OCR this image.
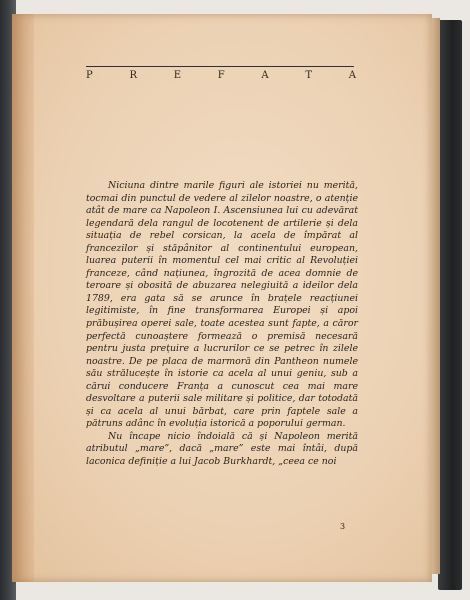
P	R	E	F	A	T	A

Niciuna dintre marile figuri ale istoriei nu merită, tocmai din punctul de vedere al zilelor noastre, o atenție atât de mare ca Napoleon I. Ascensiunea lui cu adevărat legendară dela rangul de locotenent de artilerie și dela situația de rebel corsican, la acela de împărat al francezilor și stăpânitor al continentului european, luarea puterii în momentul cel mai critic al Revoluției franceze, când națiunea, îngrozită de acea domnie de teroare și obosită de abuzarea nelegiuită a ideilor dela 1789, era gata să se arunce în brațele reacțiunei legitimiste, în fine transformarea Europei și apoi prăbușirea operei sale, toate acestea sunt fapte, a căror perfectă cunoaștere formează o premisă necesară pentru justa prețuire a lucrurilor ce se petrec în zilele noastre. De pe placa de marmoră din Pantheon numele său strălucește în istorie ca acela al unui geniu, sub a cărui conducere Franța a cunoscut cea mai mare desvoltare a puterii sale militare și politice, dar totodată și ca acela al unui bărbat, care prin faptele sale a pătruns adânc în evoluția istorică a poporului german.

Nu încape nicio îndoială că și Napoleon merită atributul „mare”, dacă „mare” este mai întâi, după laconica definiție a lui Jacob Burkhardt, „ceea ce noi

3
